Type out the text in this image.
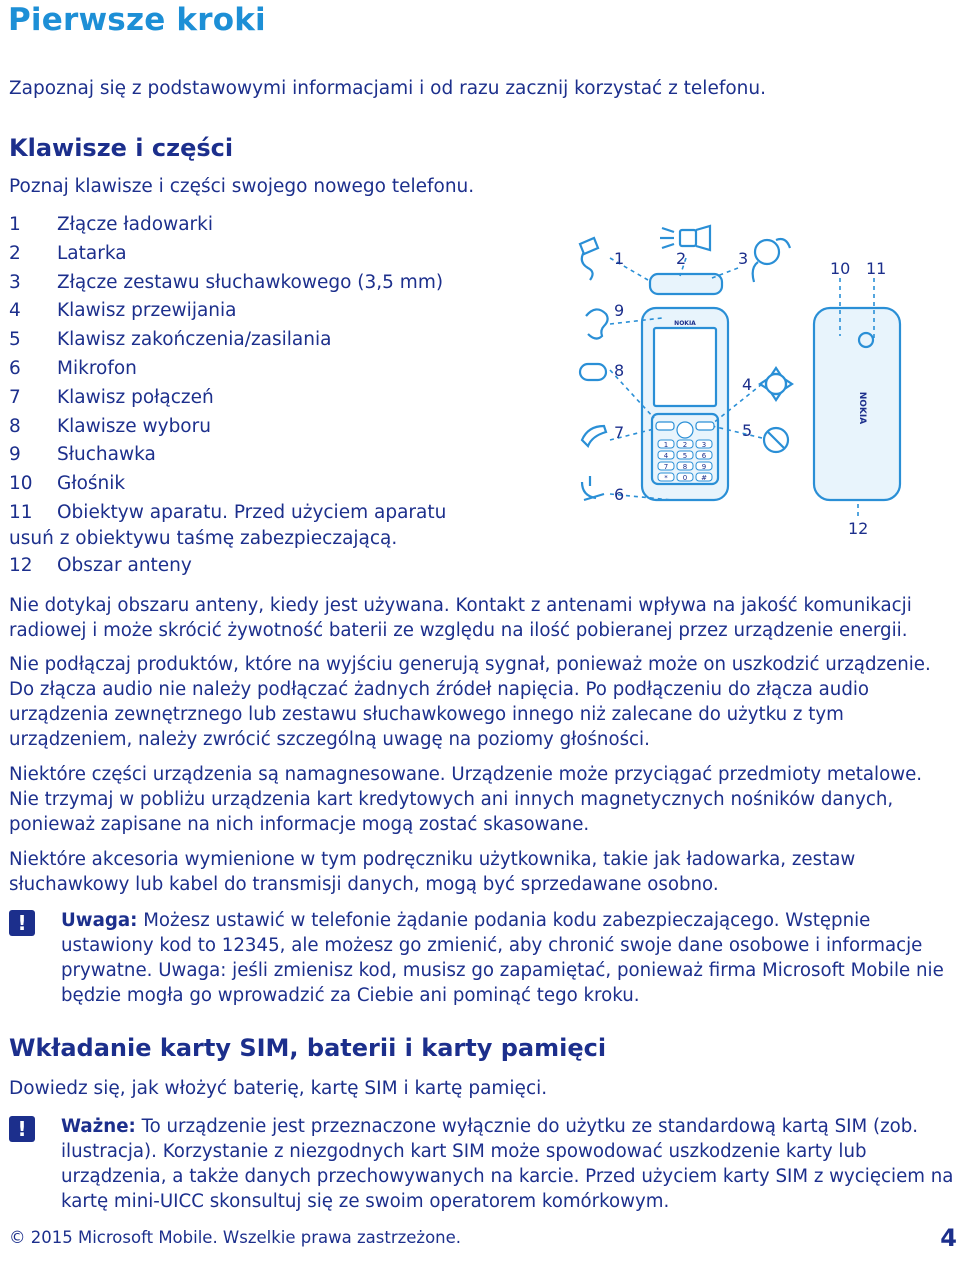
Pierwsze kroki

Zapoznaj się z podstawowymi informacjami i od razu zacznij korzystać z telefonu.

Klawisze i części

Poznaj klawisze i części swojego nowego telefonu.

1	Złącze ładowarki
2	Latarka
3	Złącze zestawu słuchawkowego (3,5 mm)
4	Klawisz przewijania
5	Klawisz zakończenia/zasilania
6	Mikrofon
7	Klawisz połączeń
8	Klawisze wyboru
9	Słuchawka
10	Głośnik
11 Obiektyw aparatu. Przed użyciem aparatu usuń z obiektywu taśmę zabezpieczającą.
12	Obszar anteny
1 2 3
4 5 6
7 8 9
* 0 #
NOKIA
NOKIA
1	2	3
4
5
6
7
8
9
10 11
12

Nie dotykaj obszaru anteny, kiedy jest używana. Kontakt z antenami wpływa na jakość komunikacji radiowej i może skrócić żywotność baterii ze względu na ilość pobieranej przez urządzenie energii.

Nie podłączaj produktów, które na wyjściu generują sygnał, ponieważ może on uszkodzić urządzenie. Do złącza audio nie należy podłączać żadnych źródeł napięcia. Po podłączeniu do złącza audio urządzenia zewnętrznego lub zestawu słuchawkowego innego niż zalecane do użytku z tym urządzeniem, należy zwrócić szczególną uwagę na poziomy głośności.

Niektóre części urządzenia są namagnesowane. Urządzenie może przyciągać przedmioty metalowe. Nie trzymaj w pobliżu urządzenia kart kredytowych ani innych magnetycznych nośników danych, ponieważ zapisane na nich informacje mogą zostać skasowane.

Niektóre akcesoria wymienione w tym podręczniku użytkownika, takie jak ładowarka, zestaw słuchawkowy lub kabel do transmisji danych, mogą być sprzedawane osobno.

!	Uwaga: Możesz ustawić w telefonie żądanie podania kodu zabezpieczającego. Wstępnie ustawiony kod to 12345, ale możesz go zmienić, aby chronić swoje dane osobowe i informacje prywatne. Uwaga: jeśli zmienisz kod, musisz go zapamiętać, ponieważ firma Microsoft Mobile nie będzie mogła go wprowadzić za Ciebie ani pominąć tego kroku.
Wkładanie karty SIM, baterii i karty pamięci

Dowiedz się, jak włożyć baterię, kartę SIM i kartę pamięci.

!	Ważne: To urządzenie jest przeznaczone wyłącznie do użytku ze standardową kartą SIM (zob. ilustracja). Korzystanie z niezgodnych kart SIM może spowodować uszkodzenie karty lub urządzenia, a także danych przechowywanych na karcie. Przed użyciem karty SIM z wycięciem na kartę mini-UICC skonsultuj się ze swoim operatorem komórkowym.
© 2015 Microsoft Mobile. Wszelkie prawa zastrzeżone.	4
